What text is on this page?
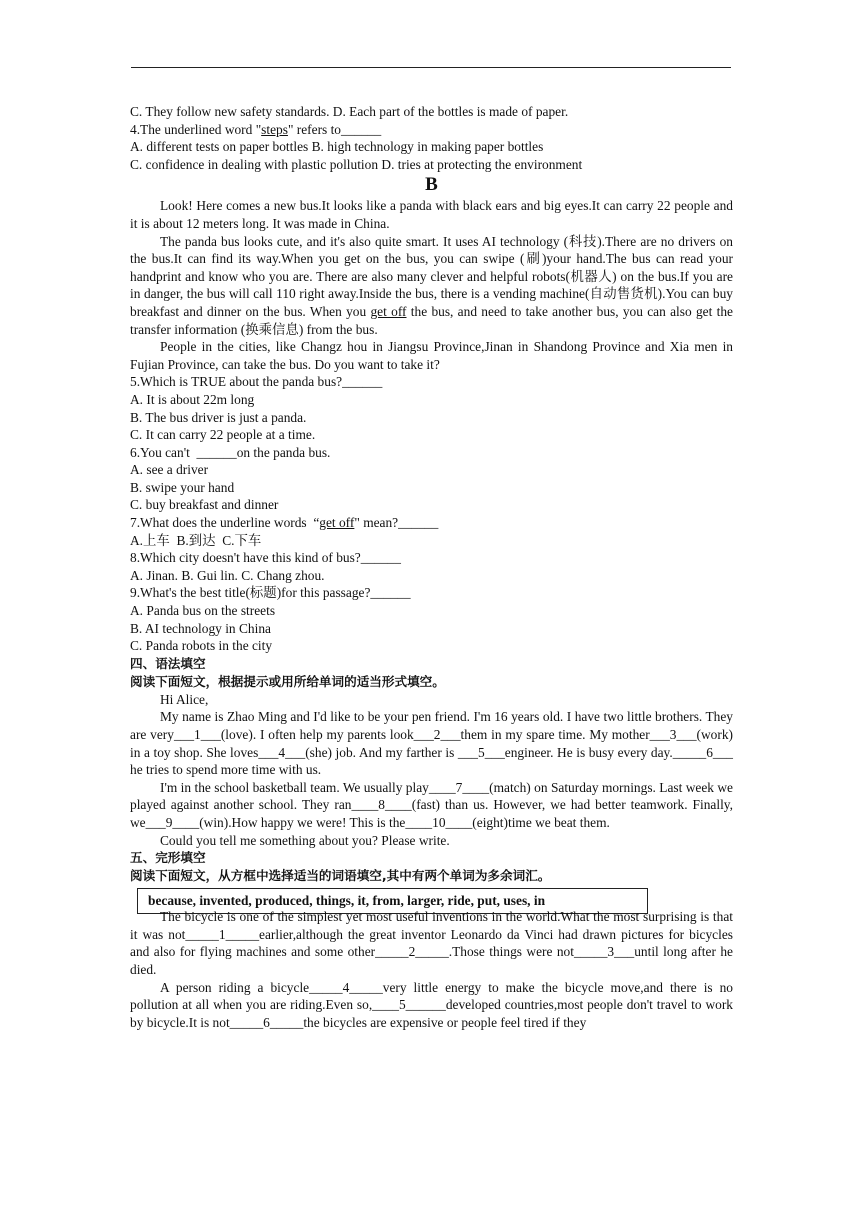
C. They follow new safety standards. D. Each part of the bottles is made of paper.
4.The underlined word "steps" refers to______
A. different tests on paper bottles B. high technology in making paper bottles
C. confidence in dealing with plastic pollution D. tries at protecting the environment
B
Look! Here comes a new bus.It looks like a panda with black ears and big eyes.It can carry 22 people and it is about 12 meters long. It was made in China.
The panda bus looks cute, and it's also quite smart. It uses AI technology (科技).There are no drivers on the bus.It can find its way.When you get on the bus, you can swipe (刷)your hand.The bus can read your handprint and know who you are. There are also many clever and helpful robots(机器人) on the bus.If you are in danger, the bus will call 110 right away.Inside the bus, there is a vending machine(自动售货机).You can buy breakfast and dinner on the bus. When you get off the bus, and need to take another bus, you can also get the transfer information (换乘信息) from the bus.
People in the cities, like Changz hou in Jiangsu Province,Jinan in Shandong Province and Xia men in Fujian Province, can take the bus. Do you want to take it?
5.Which is TRUE about the panda bus?______
A. It is about 22m long
B. The bus driver is just a panda.
C. It can carry 22 people at a time.
6.You can't  ______on the panda bus.
A. see a driver
B. swipe your hand
C. buy breakfast and dinner
7.What does the underline words  “get off" mean?______
A.上车  B.到达  C.下车
8.Which city doesn't have this kind of bus?______
A. Jinan. B. Gui lin. C. Chang zhou.
9.What's the best title(标题)for this passage?______
A. Panda bus on the streets
B. AI technology in China
C. Panda robots in the city
四、语法填空
阅读下面短文，根据提示或用所给单词的适当形式填空。
Hi Alice,
My name is Zhao Ming and I'd like to be your pen friend. I'm 16 years old. I have two little brothers. They are very___1___(love). I often help my parents look___2___them in my spare time. My mother___3___(work) in a toy shop. She loves___4___(she) job. And my farther is ___5___engineer. He is busy every day._____6___  he tries to spend more time with us.
I'm in the school basketball team. We usually play____7____(match) on Saturday mornings. Last week we played against another school. They ran____8____(fast) than us. However, we had better teamwork. Finally, we___9____(win).How happy we were! This is the____10____(eight)time we beat them.
Could you tell me something about you? Please write.
五、完形填空
阅读下面短文，从方框中选择适当的词语填空,其中有两个单词为多余词汇。
because, invented, produced, things, it, from, larger, ride, put, uses, in
The bicycle is one of the simplest yet most useful inventions in the world.What the most surprising is that it was not_____1_____earlier,although the great inventor Leonardo da Vinci had drawn pictures for bicycles and also for flying machines and some other_____2_____.Those things were not_____3___until long after he died.
A person riding a bicycle_____4_____very little energy to make the bicycle move,and there is no pollution at all when you are riding.Even so,____5______developed countries,most people don't travel to work by bicycle.It is not_____6_____the bicycles are expensive or people feel tired if they
